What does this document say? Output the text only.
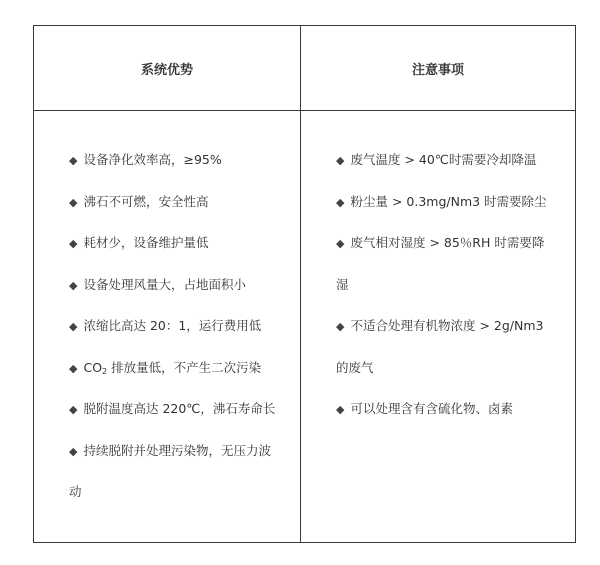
系统优势	注意事项
◆ 设备净化效率高，≥95%
◆ 沸石不可燃，安全性高
◆ 耗材少，设备维护量低
◆ 设备处理风量大，占地面积小
◆ 浓缩比高达 20：1，运行费用低
◆ $CO_2$ 排放量低，不产生二次污染
◆ 脱附温度高达 220℃，沸石寿命长
◆ 持续脱附并处理污染物，无压力波
动
◆ 废气温度 > 40℃时需要冷却降温
◆ 粉尘量 > 0.3mg/Nm3 时需要除尘
◆ 废气相对湿度 > 85％RH 时需要降
湿
◆ 不适合处理有机物浓度 > 2g/Nm3
的废气
◆ 可以处理含有含硫化物、卤素
